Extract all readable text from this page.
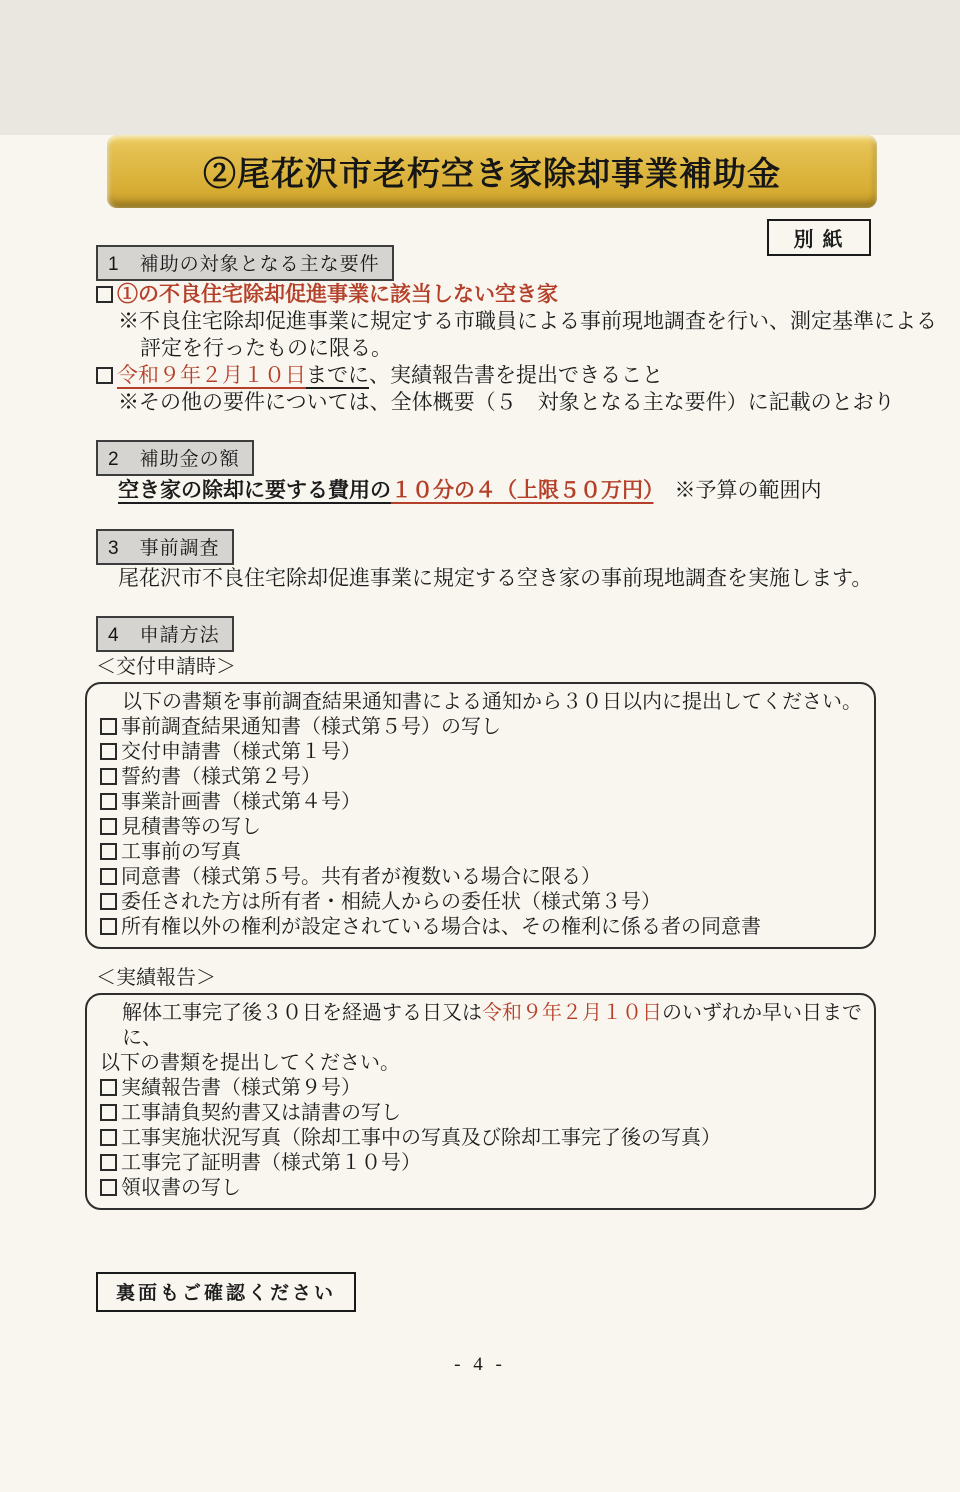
別 紙
②尾花沢市老朽空き家除却事業補助金
1　補助の対象となる主な要件
①の不良住宅除却促進事業に該当しない空き家
※不良住宅除却促進事業に規定する市職員による事前現地調査を行い、測定基準による
評定を行ったものに限る。
令和９年２月１０日までに、実績報告書を提出できること
※その他の要件については、全体概要（５　対象となる主な要件）に記載のとおり
2　補助金の額
空き家の除却に要する費用の１０分の４（上限５０万円）　 ※予算の範囲内
3　事前調査
尾花沢市不良住宅除却促進事業に規定する空き家の事前現地調査を実施します。
4　申請方法
＜交付申請時＞
以下の書類を事前調査結果通知書による通知から３０日以内に提出してください。
事前調査結果通知書（様式第５号）の写し
交付申請書（様式第１号）
誓約書（様式第２号）
事業計画書（様式第４号）
見積書等の写し
工事前の写真
同意書（様式第５号。共有者が複数いる場合に限る）
委任された方は所有者・相続人からの委任状（様式第３号）
所有権以外の権利が設定されている場合は、その権利に係る者の同意書
＜実績報告＞
解体工事完了後３０日を経過する日又は令和９年２月１０日のいずれか早い日までに、
以下の書類を提出してください。
実績報告書（様式第９号）
工事請負契約書又は請書の写し
工事実施状況写真（除却工事中の写真及び除却工事完了後の写真）
工事完了証明書（様式第１０号）
領収書の写し
裏面もご確認ください
- 4 -
